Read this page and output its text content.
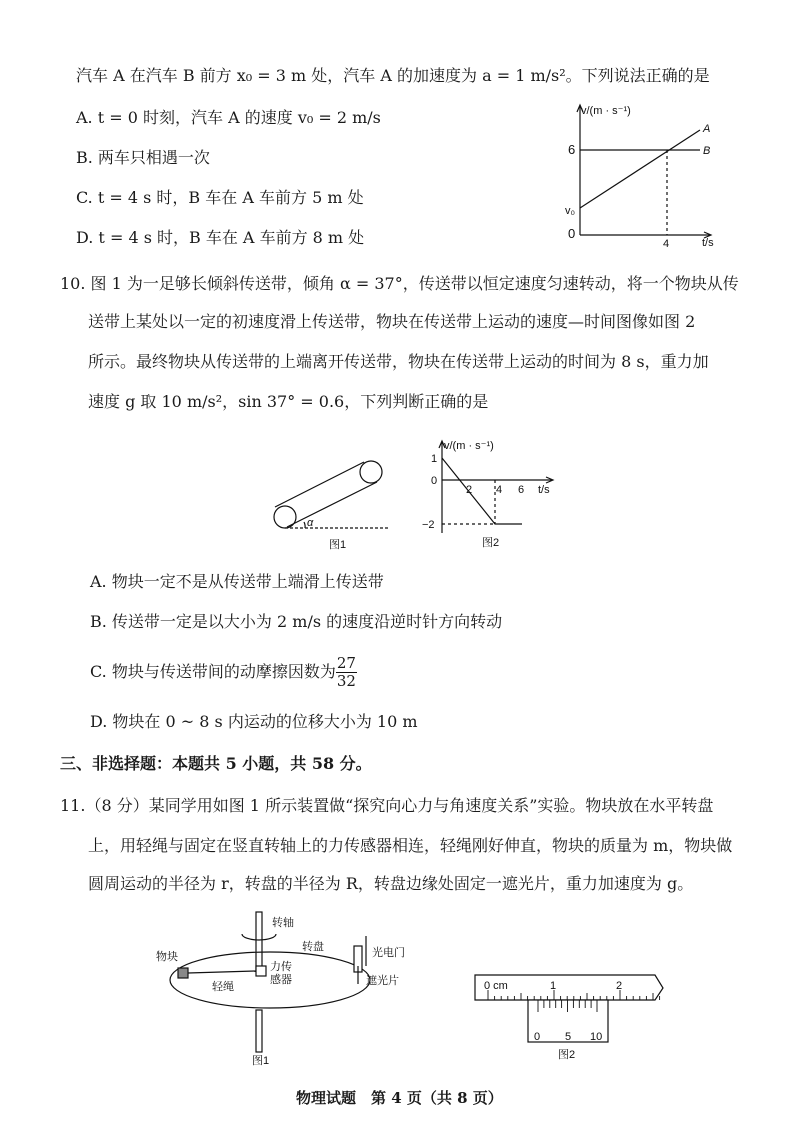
汽车 A 在汽车 B 前方 x₀ = 3 m 处，汽车 A 的加速度为 a = 1 m/s²。下列说法正确的是
A. t = 0 时刻，汽车 A 的速度 v₀ = 2 m/s
B. 两车只相遇一次
C. t = 4 s 时，B 车在 A 车前方 5 m 处
D. t = 4 s 时，B 车在 A 车前方 8 m 处
v/(m · s⁻¹)
6
v₀
0
4	t/s
A
B
10. 图 1 为一足够长倾斜传送带，倾角 α = 37°，传送带以恒定速度匀速转动，将一个物块从传
送带上某处以一定的初速度滑上传送带，物块在传送带上运动的速度—时间图像如图 2
所示。最终物块从传送带的上端离开传送带，物块在传送带上运动的时间为 8 s，重力加
速度 g 取 10 m/s²，sin 37° = 0.6，下列判断正确的是
α
图1
v/(m · s⁻¹)
1
0
−2
2 4 6 t/s
图2
A. 物块一定不是从传送带上端滑上传送带
B. 传送带一定是以大小为 2 m/s 的速度沿逆时针方向转动
C. 物块与传送带间的动摩擦因数为 $\frac{27}{32}$
D. 物块在 0 ~ 8 s 内运动的位移大小为 10 m
三、非选择题：本题共 5 小题，共 58 分。
11.（8 分）某同学用如图 1 所示装置做“探究向心力与角速度关系”实验。物块放在水平转盘
上，用轻绳与固定在竖直转轴上的力传感器相连，轻绳刚好伸直，物块的质量为 m，物块做
圆周运动的半径为 r，转盘的半径为 R，转盘边缘处固定一遮光片，重力加速度为 g。
转轴
转盘	光电门
物块
力传
感器
轻绳	遮光片
图1
0 cm	1	2
0 5 10
图2
物理试题　第 4 页（共 8 页）
